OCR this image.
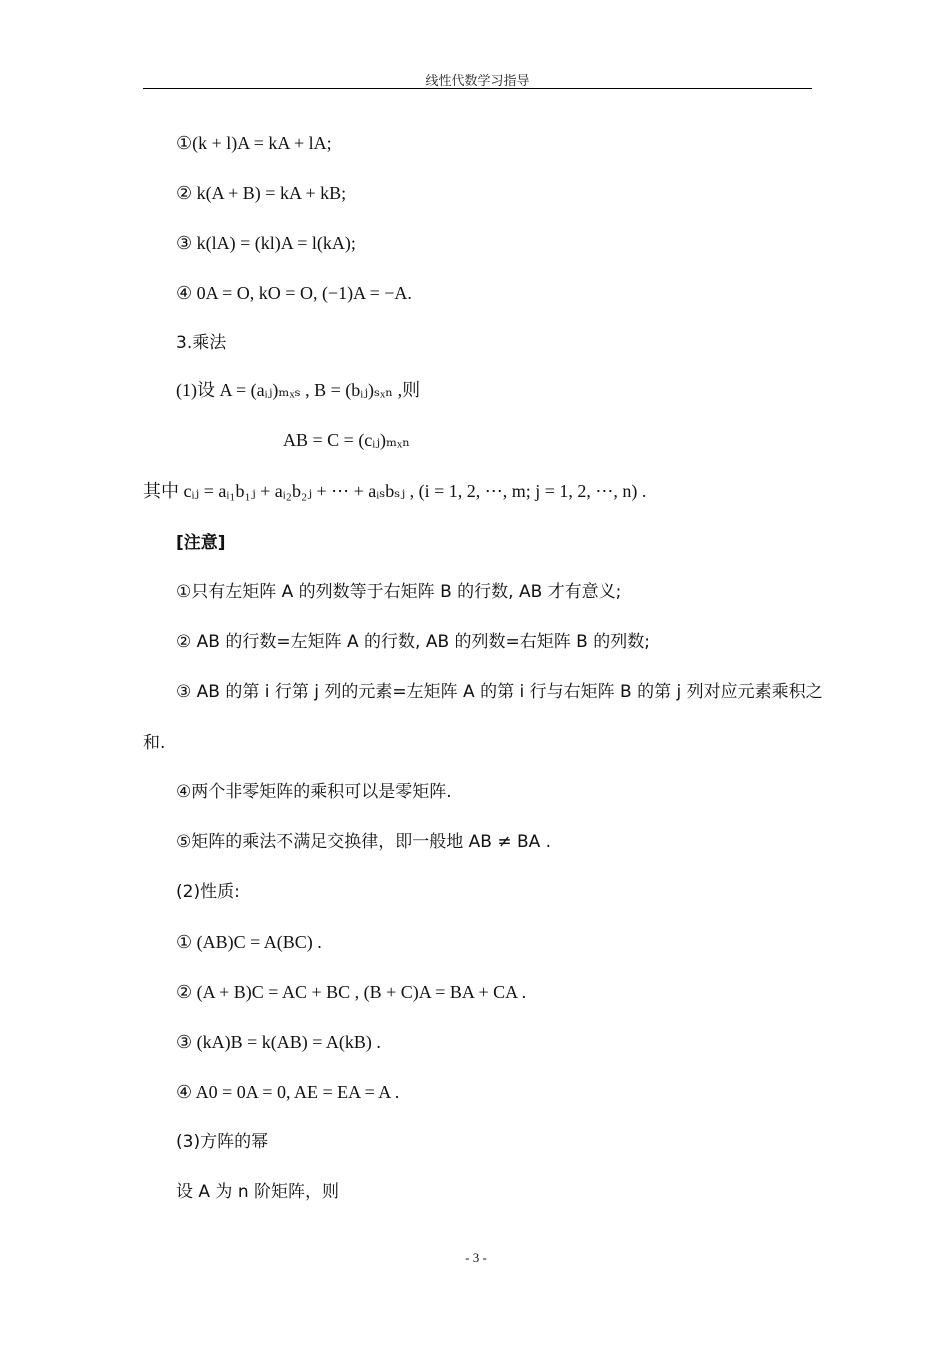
线性代数学习指导
①(k + l)A = kA + lA;
② k(A + B) = kA + kB;
③ k(lA) = (kl)A = l(kA);
④ 0A = O, kO = O, (−1)A = −A.
3.乘法
(1)设 A = (aᵢⱼ)ₘₓₛ , B = (bᵢⱼ)ₛₓₙ ,则
AB = C = (cᵢⱼ)ₘₓₙ
其中 cᵢⱼ = aᵢ₁b₁ⱼ + aᵢ₂b₂ⱼ + ⋯ + aᵢₛbₛⱼ , (i = 1, 2, ⋯, m; j = 1, 2, ⋯, n) .
[注意]
①只有左矩阵 A 的列数等于右矩阵 B 的行数, AB 才有意义;
② AB 的行数=左矩阵 A 的行数, AB 的列数=右矩阵 B 的列数;
③ AB 的第 i 行第 j 列的元素=左矩阵 A 的第 i 行与右矩阵 B 的第 j 列对应元素乘积之
和.
④两个非零矩阵的乘积可以是零矩阵.
⑤矩阵的乘法不满足交换律，即一般地 AB ≠ BA .
(2)性质:
① (AB)C = A(BC) .
② (A + B)C = AC + BC , (B + C)A = BA + CA .
③ (kA)B = k(AB) = A(kB) .
④ A0 = 0A = 0, AE = EA = A .
(3)方阵的幂
设 A 为 n 阶矩阵，则
- 3 -
